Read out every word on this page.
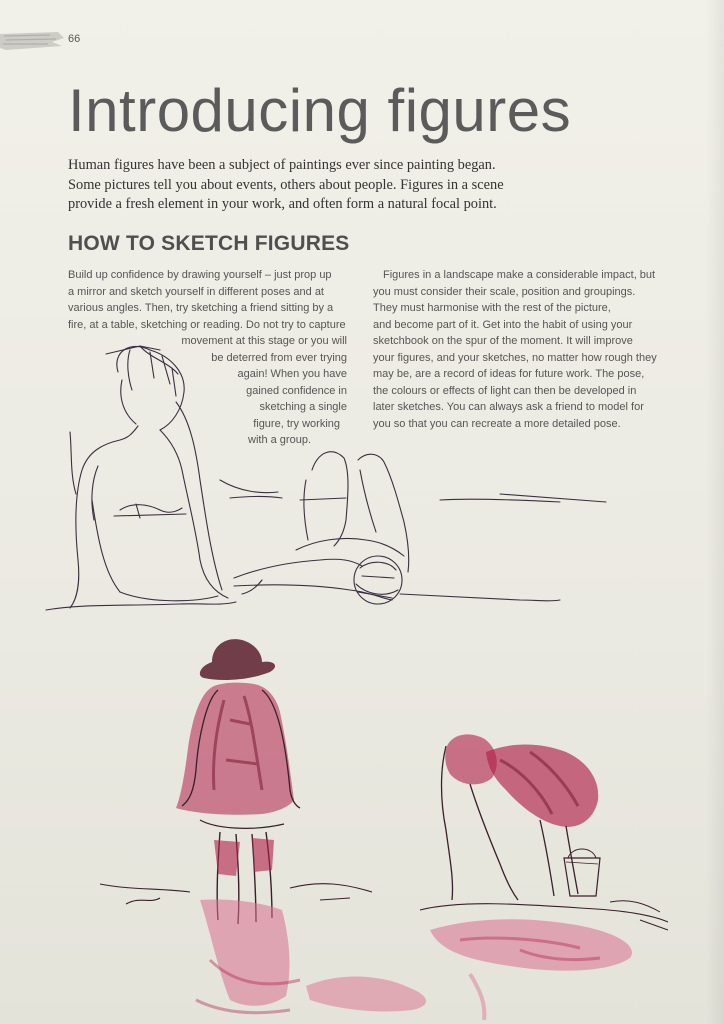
66
Introducing figures
Human figures have been a subject of paintings ever since painting began.
Some pictures tell you about events, others about people. Figures in a scene
provide a fresh element in your work, and often form a natural focal point.
HOW TO SKETCH FIGURES
Build up confidence by drawing yourself – just prop up
a mirror and sketch yourself in different poses and at
various angles. Then, try sketching a friend sitting by a
fire, at a table, sketching or reading. Do not try to capture
movement at this stage or you will
be deterred from ever trying
again! When you have
gained confidence in
sketching a single
figure, try working
with a group.
Figures in a landscape make a considerable impact, but
you must consider their scale, position and groupings.
They must harmonise with the rest of the picture,
and become part of it. Get into the habit of using your
sketchbook on the spur of the moment. It will improve
your figures, and your sketches, no matter how rough they
may be, are a record of ideas for future work. The pose,
the colours or effects of light can then be developed in
later sketches. You can always ask a friend to model for
you so that you can recreate a more detailed pose.
